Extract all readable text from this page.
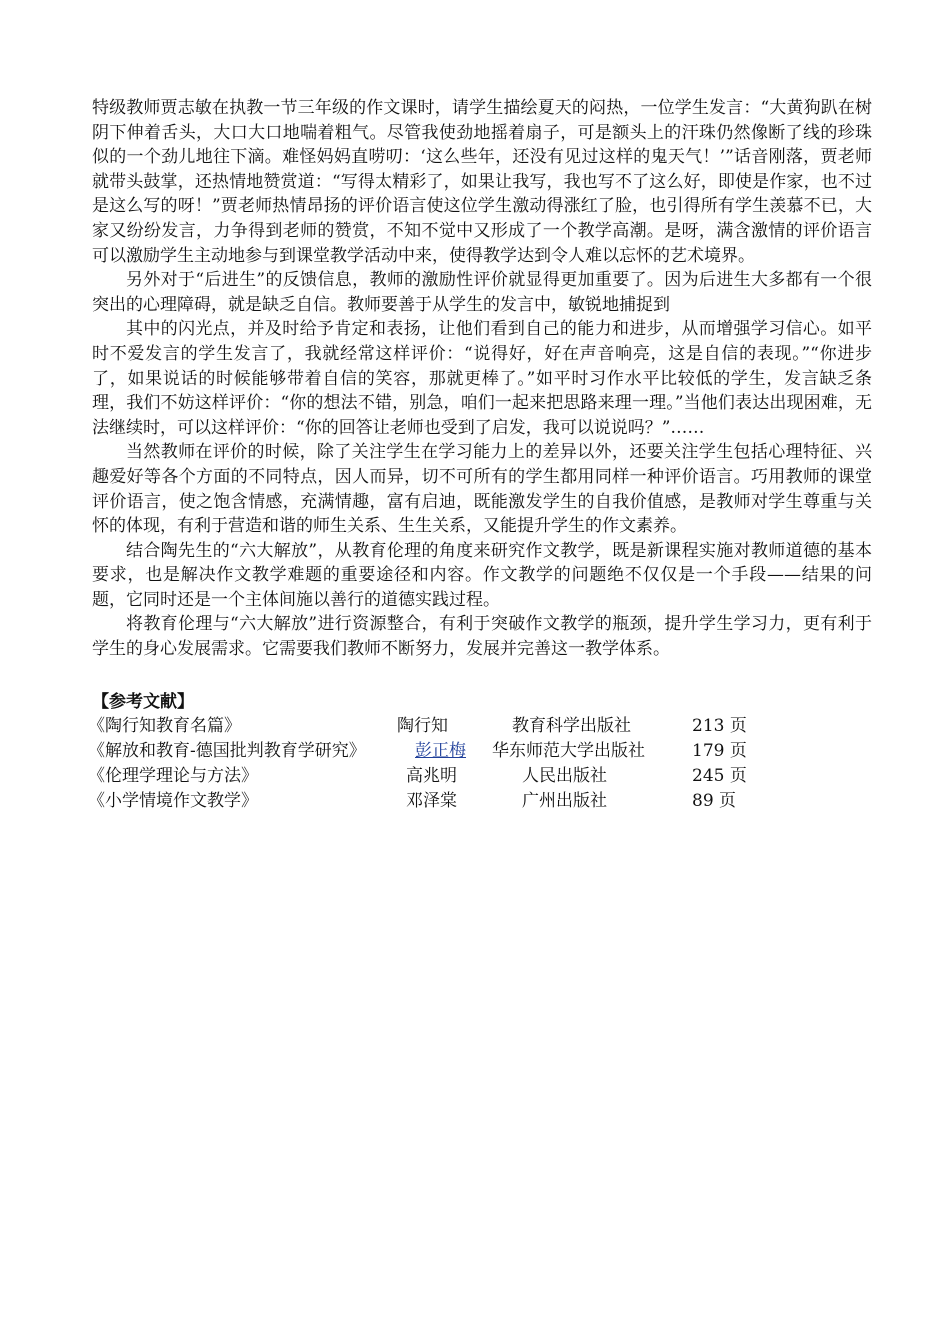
特级教师贾志敏在执教一节三年级的作文课时，请学生描绘夏天的闷热，一位学生发言：“大黄狗趴在树阴下伸着舌头，大口大口地喘着粗气。尽管我使劲地摇着扇子，可是额头上的汗珠仍然像断了线的珍珠似的一个劲儿地往下滴。难怪妈妈直唠叨：‘这么些年，还没有见过这样的鬼天气！’”话音刚落，贾老师就带头鼓掌，还热情地赞赏道：“写得太精彩了，如果让我写，我也写不了这么好，即使是作家，也不过是这么写的呀！”贾老师热情昂扬的评价语言使这位学生激动得涨红了脸，也引得所有学生羡慕不已，大家又纷纷发言，力争得到老师的赞赏，不知不觉中又形成了一个教学高潮。是呀，满含激情的评价语言可以激励学生主动地参与到课堂教学活动中来，使得教学达到令人难以忘怀的艺术境界。

另外对于“后进生”的反馈信息，教师的激励性评价就显得更加重要了。因为后进生大多都有一个很突出的心理障碍，就是缺乏自信。教师要善于从学生的发言中，敏锐地捕捉到

其中的闪光点，并及时给予肯定和表扬，让他们看到自己的能力和进步，从而增强学习信心。如平时不爱发言的学生发言了，我就经常这样评价：“说得好，好在声音响亮，这是自信的表现。”“你进步了，如果说话的时候能够带着自信的笑容，那就更棒了。”如平时习作水平比较低的学生，发言缺乏条理，我们不妨这样评价：“你的想法不错，别急，咱们一起来把思路来理一理。”当他们表达出现困难，无法继续时，可以这样评价：“你的回答让老师也受到了启发，我可以说说吗？”……

当然教师在评价的时候，除了关注学生在学习能力上的差异以外，还要关注学生包括心理特征、兴趣爱好等各个方面的不同特点，因人而异，切不可所有的学生都用同样一种评价语言。巧用教师的课堂评价语言，使之饱含情感，充满情趣，富有启迪，既能激发学生的自我价值感，是教师对学生尊重与关怀的体现，有利于营造和谐的师生关系、生生关系，又能提升学生的作文素养。

结合陶先生的“六大解放”，从教育伦理的角度来研究作文教学，既是新课程实施对教师道德的基本要求，也是解决作文教学难题的重要途径和内容。作文教学的问题绝不仅仅是一个手段——结果的问题，它同时还是一个主体间施以善行的道德实践过程。

将教育伦理与“六大解放”进行资源整合，有利于突破作文教学的瓶颈，提升学生学习力，更有利于学生的身心发展需求。它需要我们教师不断努力，发展并完善这一教学体系。

【参考文献】

《陶行知教育名篇》	陶行知	教育科学出版社	213 页
《解放和教育-德国批判教育学研究》	彭正梅 华东师范大学出版社	179 页
《伦理学理论与方法》	高兆明	人民出版社	245 页
《小学情境作文教学》	邓泽棠	广州出版社	89 页
